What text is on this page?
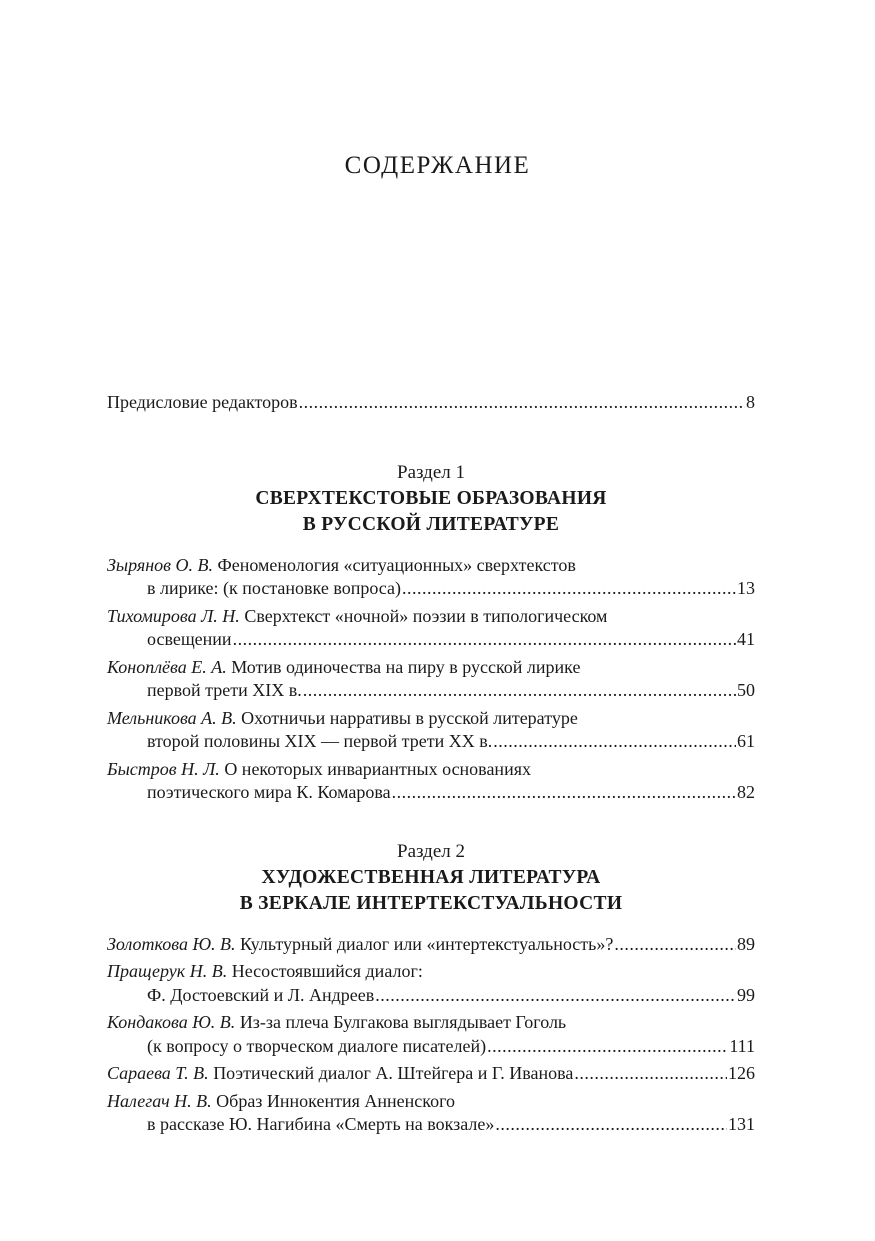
СОДЕРЖАНИЕ
Предисловие редакторов . . .	8
Раздел 1
СВЕРХТЕКСТОВЫЕ ОБРАЗОВАНИЯ
В РУССКОЙ ЛИТЕРАТУРЕ
Зырянов О. В. Феноменология «ситуационных» сверхтекстов
в лирике: (к постановке вопроса) . . .	13
Тихомирова Л. Н. Сверхтекст «ночной» поэзии в типологическом
освещении . . .	41
Коноплёва Е. А. Мотив одиночества на пиру в русской лирике
первой трети XIX в. . . .	50
Мельникова А. В. Охотничьи нарративы в русской литературе
второй половины XIX — первой трети XX в. . . .	61
Быстров Н. Л. О некоторых инвариантных основаниях
поэтического мира К. Комарова . . .	82
Раздел 2
ХУДОЖЕСТВЕННАЯ ЛИТЕРАТУРА
В ЗЕРКАЛЕ ИНТЕРТЕКСТУАЛЬНОСТИ
Золоткова Ю. В. Культурный диалог или «интертекстуальность»? . . .	89
Пращерук Н. В. Несостоявшийся диалог:
Ф. Достоевский и Л. Андреев . . .	99
Кондакова Ю. В. Из-за плеча Булгакова выглядывает Гоголь
(к вопросу о творческом диалоге писателей) . . .	111
Сараева Т. В. Поэтический диалог А. Штейгера и Г. Иванова . . .	126
Налегач Н. В. Образ Иннокентия Анненского
в рассказе Ю. Нагибина «Смерть на вокзале» . . .	131
